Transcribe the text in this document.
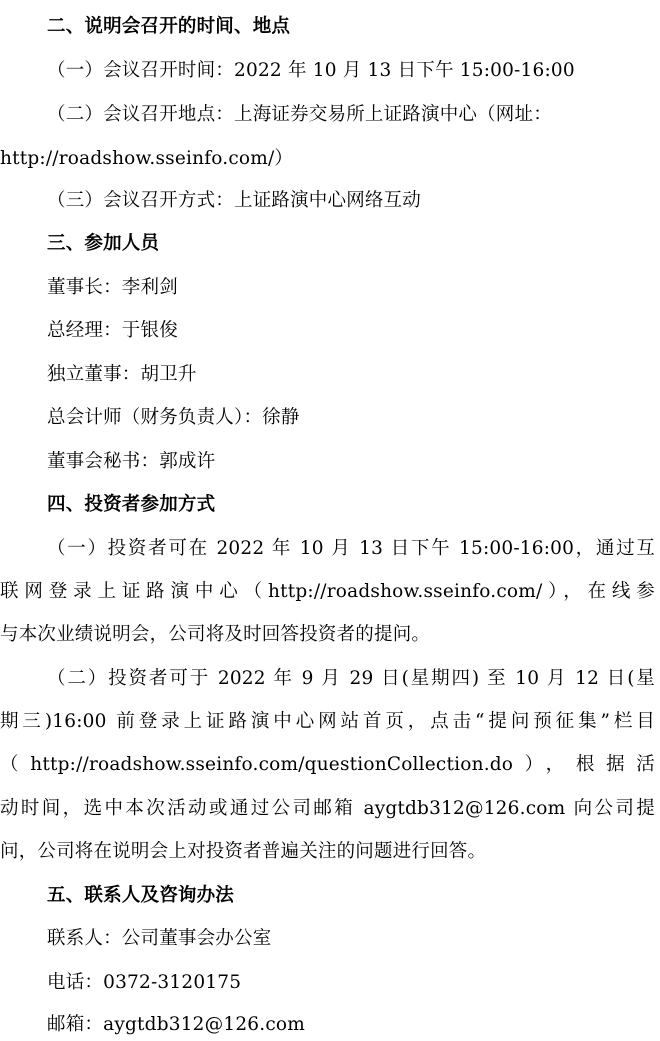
二、说明会召开的时间、地点
（一）会议召开时间：2022 年 10 月 13 日下午 15:00-16:00
（二）会议召开地点：上海证券交易所上证路演中心（网址：
http://roadshow.sseinfo.com/）
（三）会议召开方式：上证路演中心网络互动
三、参加人员
董事长：李利剑
总经理：于银俊
独立董事：胡卫升
总会计师（财务负责人）：徐静
董事会秘书：郭成许
四、投资者参加方式
（一）投资者可在 2022 年 10 月 13 日下午 15:00-16:00，通过互
联网登录上证路演中心（http://roadshow.sseinfo.com/），在线参
与本次业绩说明会，公司将及时回答投资者的提问。
（二）投资者可于 2022 年 9 月 29 日(星期四) 至 10 月 12 日(星
期三)16:00 前登录上证路演中心网站首页，点击“提问预征集”栏目
（http://roadshow.sseinfo.com/questionCollection.do），根据活
动时间，选中本次活动或通过公司邮箱 aygtdb312@126.com 向公司提
问，公司将在说明会上对投资者普遍关注的问题进行回答。
五、联系人及咨询办法
联系人：公司董事会办公室
电话：0372-3120175
邮箱：aygtdb312@126.com
